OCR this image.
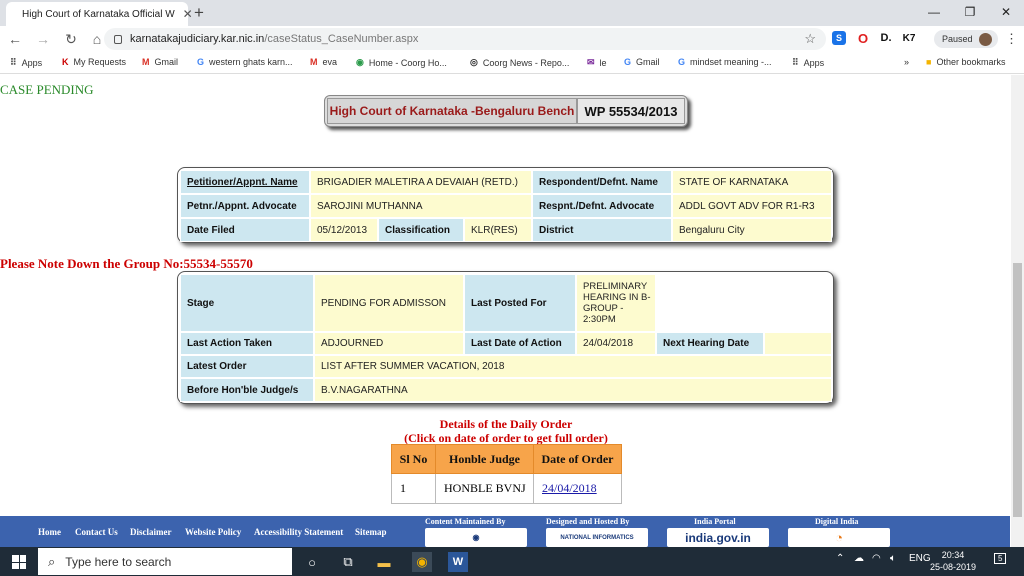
High Court of Karnataka Official W ✕ +	—	❐	✕
← →	↻	⌂	karnatakajudiciary.kar.nic.in /caseStatus_CaseNumber.aspx	☆	S	O D. K7	Paused ⋮
⠿ Apps K My Requests M Gmail G western ghats karn... M eva ◉ Home - Coorg Ho...	◎ Coorg News - Repo... ✉ le G Gmail G mindset meaning -... ⠿ Apps	» ■ Other bookmarks
CASE PENDING
High Court of Karnataka -Bengaluru Bench WP 55534/2013
Petitioner/Appnt. Name	BRIGADIER MALETIRA A DEVAIAH (RETD.)	Respondent/Defnt. Name	STATE OF KARNATAKA
Petnr./Appnt. Advocate	SAROJINI MUTHANNA	Respnt./Defnt. Advocate	ADDL GOVT ADV FOR R1-R3
Date Filed	05/12/2013	Classification	KLR(RES)	District	Bengaluru City
Please Note Down the Group No:55534-55570
Stage	PENDING FOR ADMISSON	Last Posted For
PRELIMINARY HEARING IN B-GROUP - 2:30PM
Last Action Taken	ADJOURNED	Last Date of Action	24/04/2018	Next Hearing Date
Latest Order	LIST AFTER SUMMER VACATION, 2018
Before Hon'ble Judge/s	B.V.NAGARATHNA
Details of the Daily Order
(Click on date of order to get full order)
Sl No	Honble Judge	Date of Order
1	HONBLE BVNJ	24/04/2018
Home Contact Us Disclaimer Website Policy Accessibility Statement Sitemap
Content Maintained By
◉
Designed and Hosted By
NATIONAL INFORMATICS
India Portal
india.gov.in
Digital India
◔
⌕ Type here to search	○	⧉	▬	◉	W	⌃ ☁ ◠ 🔈︎ ENG	20:34
25-08-2019
5
